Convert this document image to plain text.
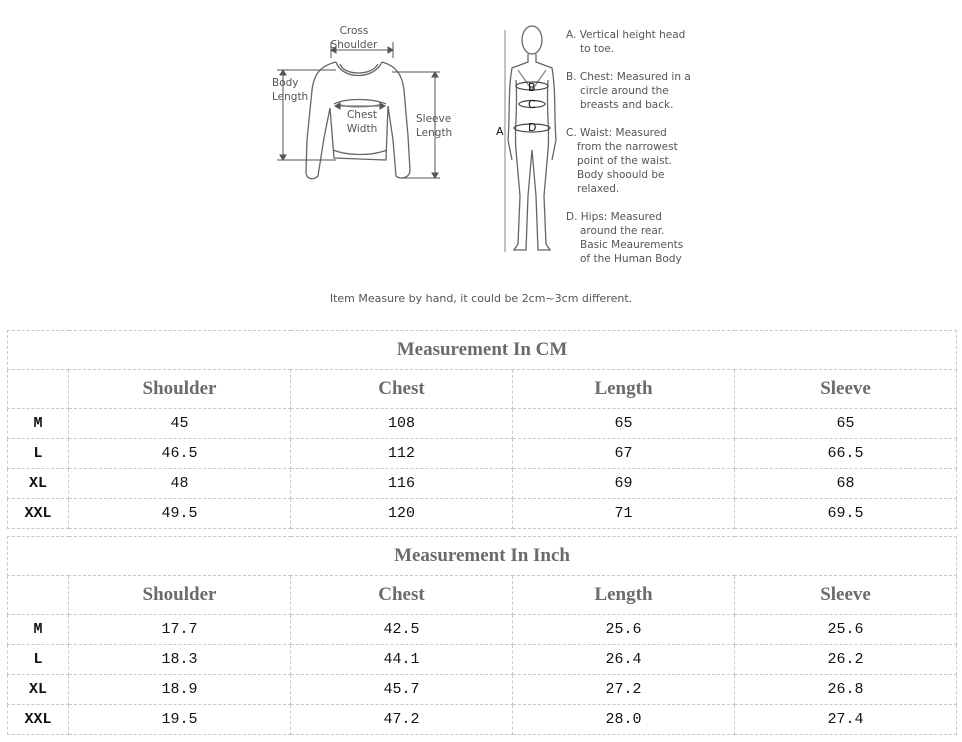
B
C
D
A
Cross
Shoulder
Body
Length
Chest
Width
Sleeve
Length
A. Vertical height head
to toe.
B. Chest: Measured in a
circle around the
breasts and back.
C. Waist: Measured
from the narrowest
point of the waist.
Body shoould be
relaxed.
D. Hips: Measured
around the rear.
Basic Meaurements
of the Human Body
Item Measure by hand, it could be 2cm~3cm different.
Measurement In CM				
	Shoulder	Chest	Length	Sleeve
M	45	108	65	65
L	46.5	112	67	66.5
XL	48	116	69	68
XXL	49.5	120	71	69.5
Measurement In Inch				
	Shoulder	Chest	Length	Sleeve
M	17.7	42.5	25.6	25.6
L	18.3	44.1	26.4	26.2
XL	18.9	45.7	27.2	26.8
XXL	19.5	47.2	28.0	27.4
